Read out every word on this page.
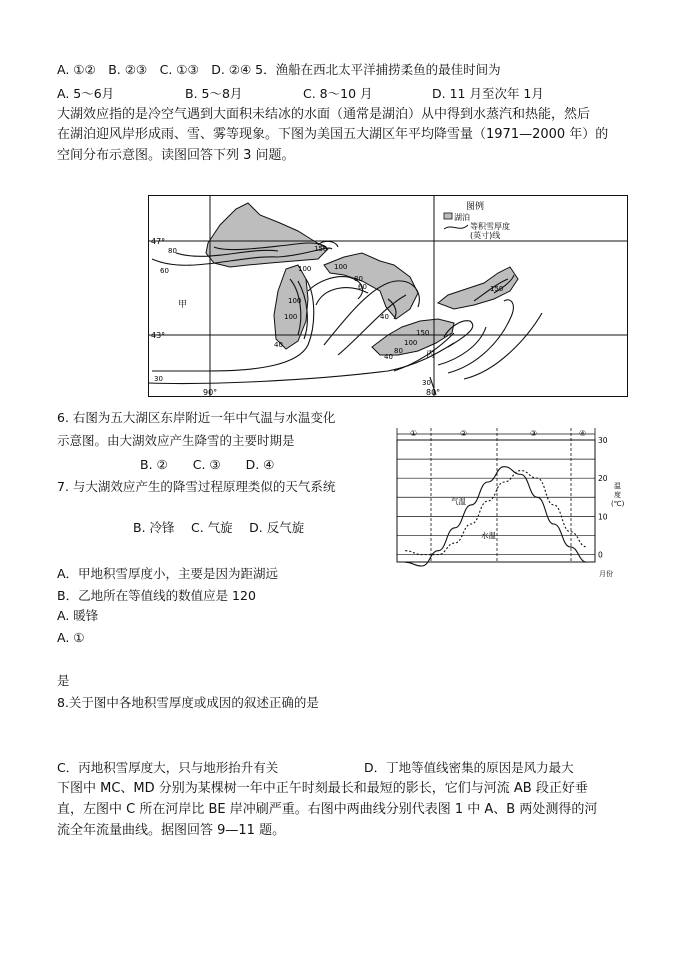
A. ①②　B. ②③　C. ①③　D. ②④ 5．渔船在西北太平洋捕捞柔鱼的最佳时间为
A. 5～6月	B. 5～8月	C. 8～10 月	D. 11 月至次年 1月
大湖效应指的是冷空气遇到大面积未结冰的水面（通常是湖泊）从中得到水蒸汽和热能，然后
在湖泊迎风岸形成雨、雪、雾等现象。下图为美国五大湖区年平均降雪量（1971—2000 年）的
空间分布示意图。读图回答下列 3 问题。
图例
湖泊
等积雪厚度
(英寸)线
47°
43°
90°	80°
甲
丙
80
60
150
100	100
100
80
60
100	40
40
150
100
80
40
150
30	30
6. 右图为五大湖区东岸附近一年中气温与水温变化
示意图。由大湖效应产生降雪的主要时期是
B. ②　　C. ③　　D. ④
7. 与大湖效应产生的降雪过程原理类似的天气系统
B. 冷锋　 C. 气旋　 D. 反气旋
①	②	③	④
30
20
10
0
气温
水温
温
度
(℃)
月份
A．甲地积雪厚度小，主要是因为距湖远
B．乙地所在等值线的数值应是 120
A. 暖锋
A. ①
是
8.关于图中各地积雪厚度或成因的叙述正确的是
C．丙地积雪厚度大，只与地形抬升有关	D．丁地等值线密集的原因是风力最大
下图中 MC、MD 分别为某棵树一年中正午时刻最长和最短的影长，它们与河流 AB 段正好垂
直，左图中 C 所在河岸比 BE 岸冲刷严重。右图中两曲线分别代表图 1 中 A、B 两处测得的河
流全年流量曲线。据图回答 9—11 题。
